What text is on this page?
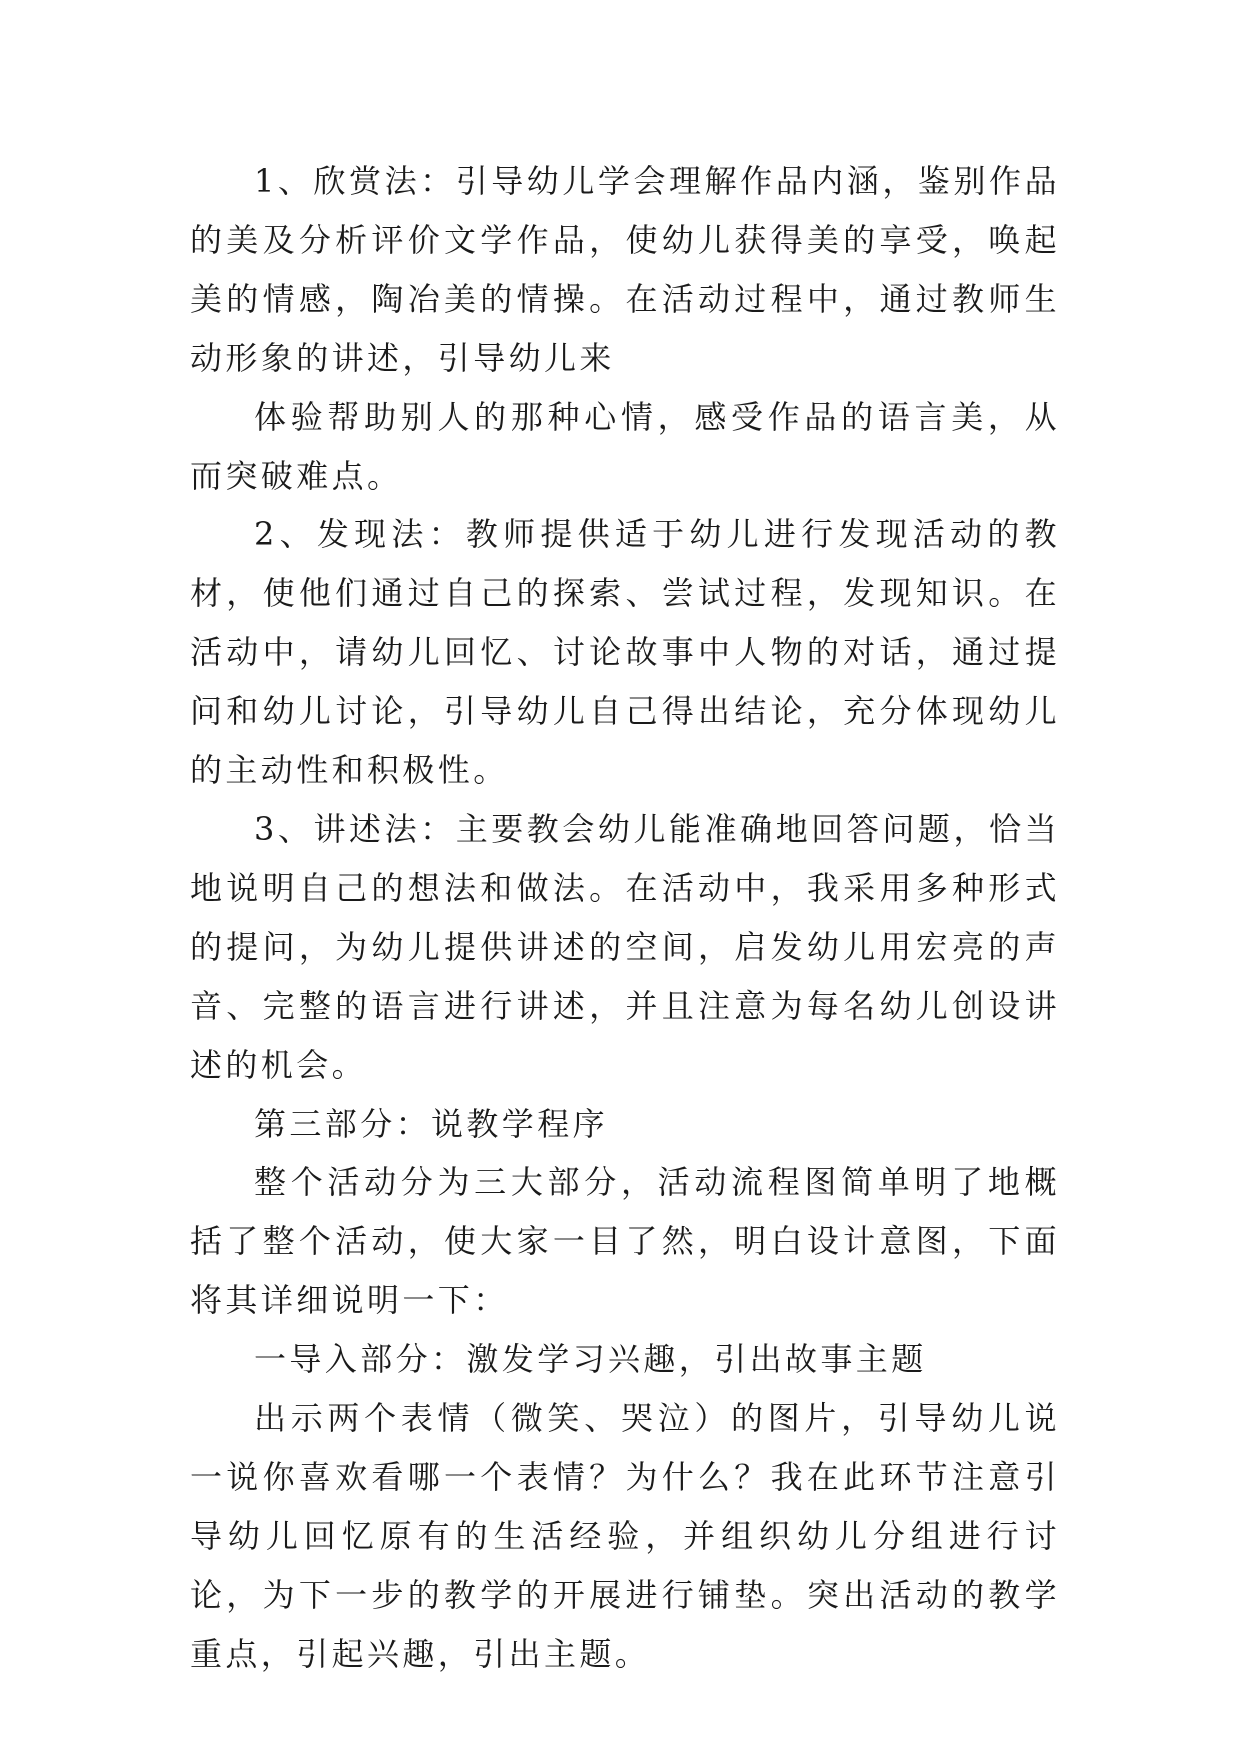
1、欣赏法：引导幼儿学会理解作品内涵，鉴别作品的美及分析评价文学作品，使幼儿获得美的享受，唤起美的情感，陶冶美的情操。在活动过程中，通过教师生动形象的讲述，引导幼儿来

体验帮助别人的那种心情，感受作品的语言美，从而突破难点。

2、发现法：教师提供适于幼儿进行发现活动的教材，使他们通过自己的探索、尝试过程，发现知识。在活动中，请幼儿回忆、讨论故事中人物的对话，通过提问和幼儿讨论，引导幼儿自己得出结论，充分体现幼儿的主动性和积极性。

3、讲述法：主要教会幼儿能准确地回答问题，恰当地说明自己的想法和做法。在活动中，我采用多种形式的提问，为幼儿提供讲述的空间，启发幼儿用宏亮的声音、完整的语言进行讲述，并且注意为每名幼儿创设讲述的机会。

第三部分：说教学程序

整个活动分为三大部分，活动流程图简单明了地概括了整个活动，使大家一目了然，明白设计意图，下面将其详细说明一下：

一导入部分：激发学习兴趣，引出故事主题

出示两个表情（微笑、哭泣）的图片，引导幼儿说一说你喜欢看哪一个表情？为什么？我在此环节注意引导幼儿回忆原有的生活经验，并组织幼儿分组进行讨论，为下一步的教学的开展进行铺垫。突出活动的教学重点，引起兴趣，引出主题。
